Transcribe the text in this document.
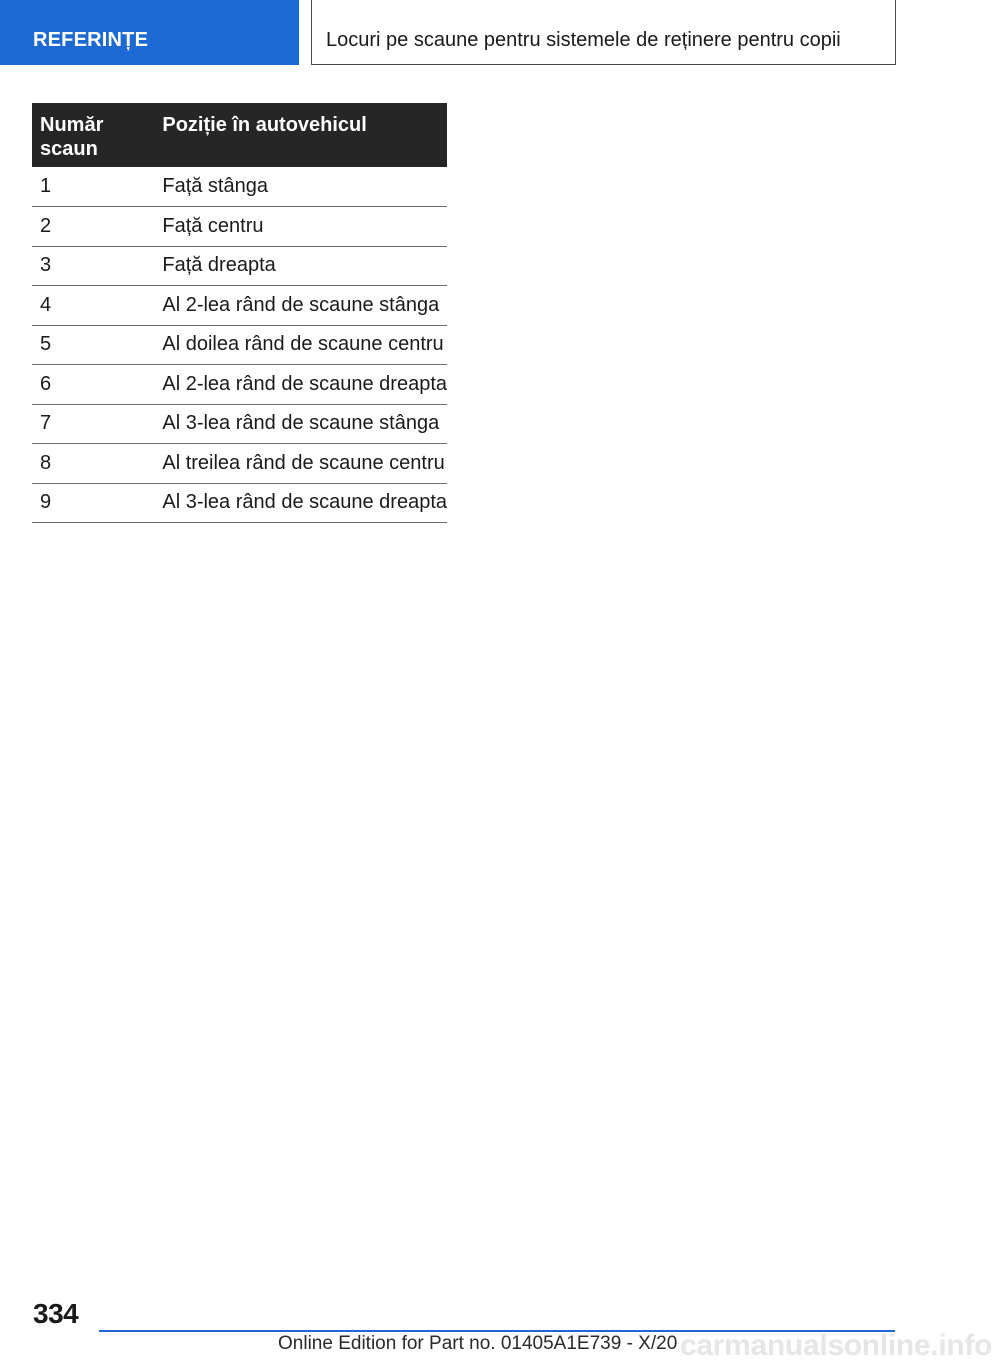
REFERINȚE	Locuri pe scaune pentru sistemele de reținere pentru copii
Număr scaun	Poziție în autovehicul
1	Față stânga
2	Față centru
3	Față dreapta
4	Al 2-lea rând de scaune stânga
5	Al doilea rând de scaune centru
6	Al 2-lea rând de scaune dreapta
7	Al 3-lea rând de scaune stânga
8	Al treilea rând de scaune centru
9	Al 3-lea rând de scaune dreapta
334
Online Edition for Part no. 01405A1E739 - X/20 carmanualsonline.info
